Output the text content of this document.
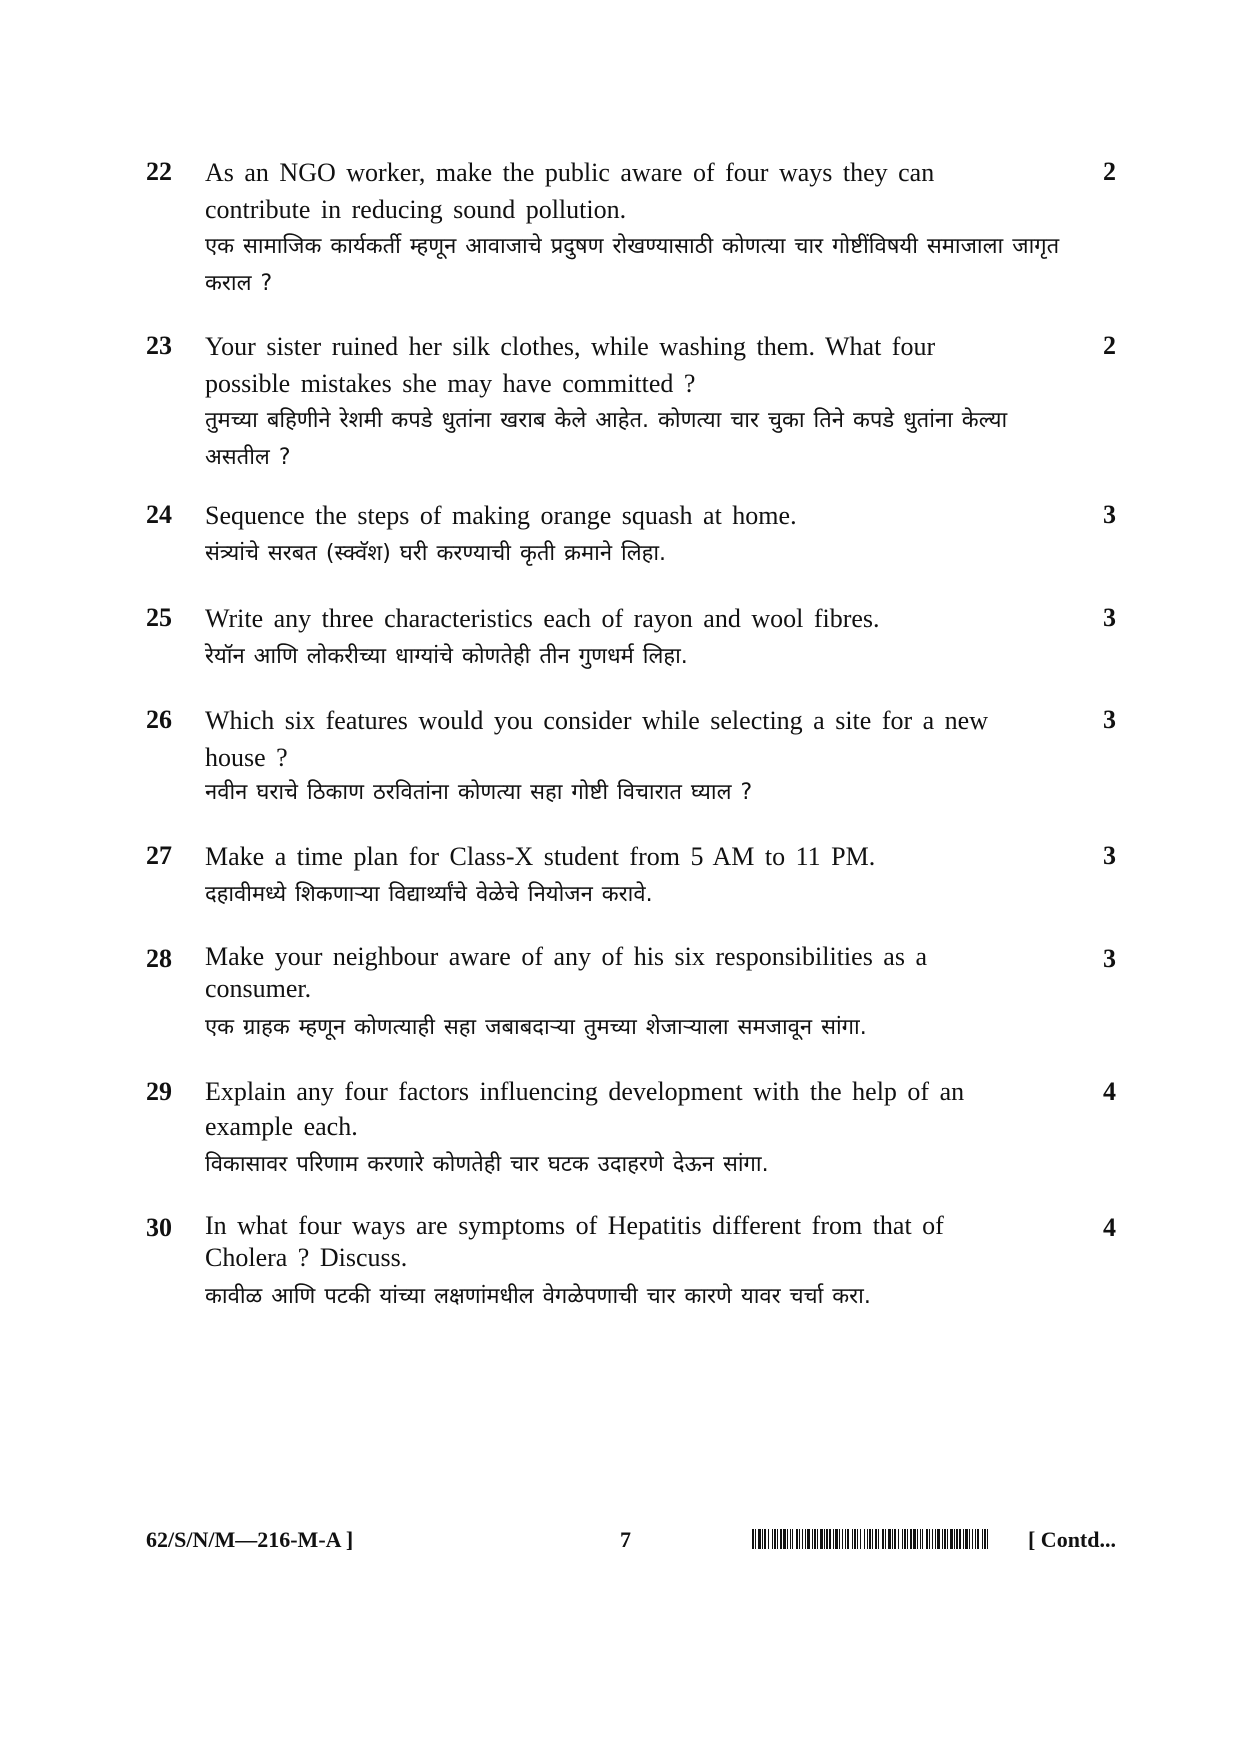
22 As an NGO worker, make the public aware of four ways they can contribute in reducing sound pollution.
एक सामाजिक कार्यकर्ती म्हणून आवाजाचे प्रदुषण रोखण्यासाठी कोणत्या चार गोष्टींविषयी समाजाला जागृत कराल ?
2
23 Your sister ruined her silk clothes, while washing them. What four possible mistakes she may have committed ?
तुमच्या बहिणीने रेशमी कपडे धुतांना खराब केले आहेत. कोणत्या चार चुका तिने कपडे धुतांना केल्या असतील ?
2
24 Sequence the steps of making orange squash at home.
संत्र्यांचे सरबत (स्क्वॅश) घरी करण्याची कृती क्रमाने लिहा.
3
25 Write any three characteristics each of rayon and wool fibres.
रेयॉन आणि लोकरीच्या धाग्यांचे कोणतेही तीन गुणधर्म लिहा.
3
26 Which six features would you consider while selecting a site for a new house ?
नवीन घराचे ठिकाण ठरवितांना कोणत्या सहा गोष्टी विचारात घ्याल ?
3
27 Make a time plan for Class-X student from 5 AM to 11 PM.
दहावीमध्ये शिकणाऱ्या विद्यार्थ्यांचे वेळेचे नियोजन करावे.
3
28 Make your neighbour aware of any of his six responsibilities as a consumer.
एक ग्राहक म्हणून कोणत्याही सहा जबाबदाऱ्या तुमच्या शेजाऱ्याला समजावून सांगा.
3
29 Explain any four factors influencing development with the help of an example each.
विकासावर परिणाम करणारे कोणतेही चार घटक उदाहरणे देऊन सांगा.
4
30 In what four ways are symptoms of Hepatitis different from that of Cholera ? Discuss.
कावीळ आणि पटकी यांच्या लक्षणांमधील वेगळेपणाची चार कारणे यावर चर्चा करा.
4
62/S/N/M—216-M-A ]	7	[ Contd...
